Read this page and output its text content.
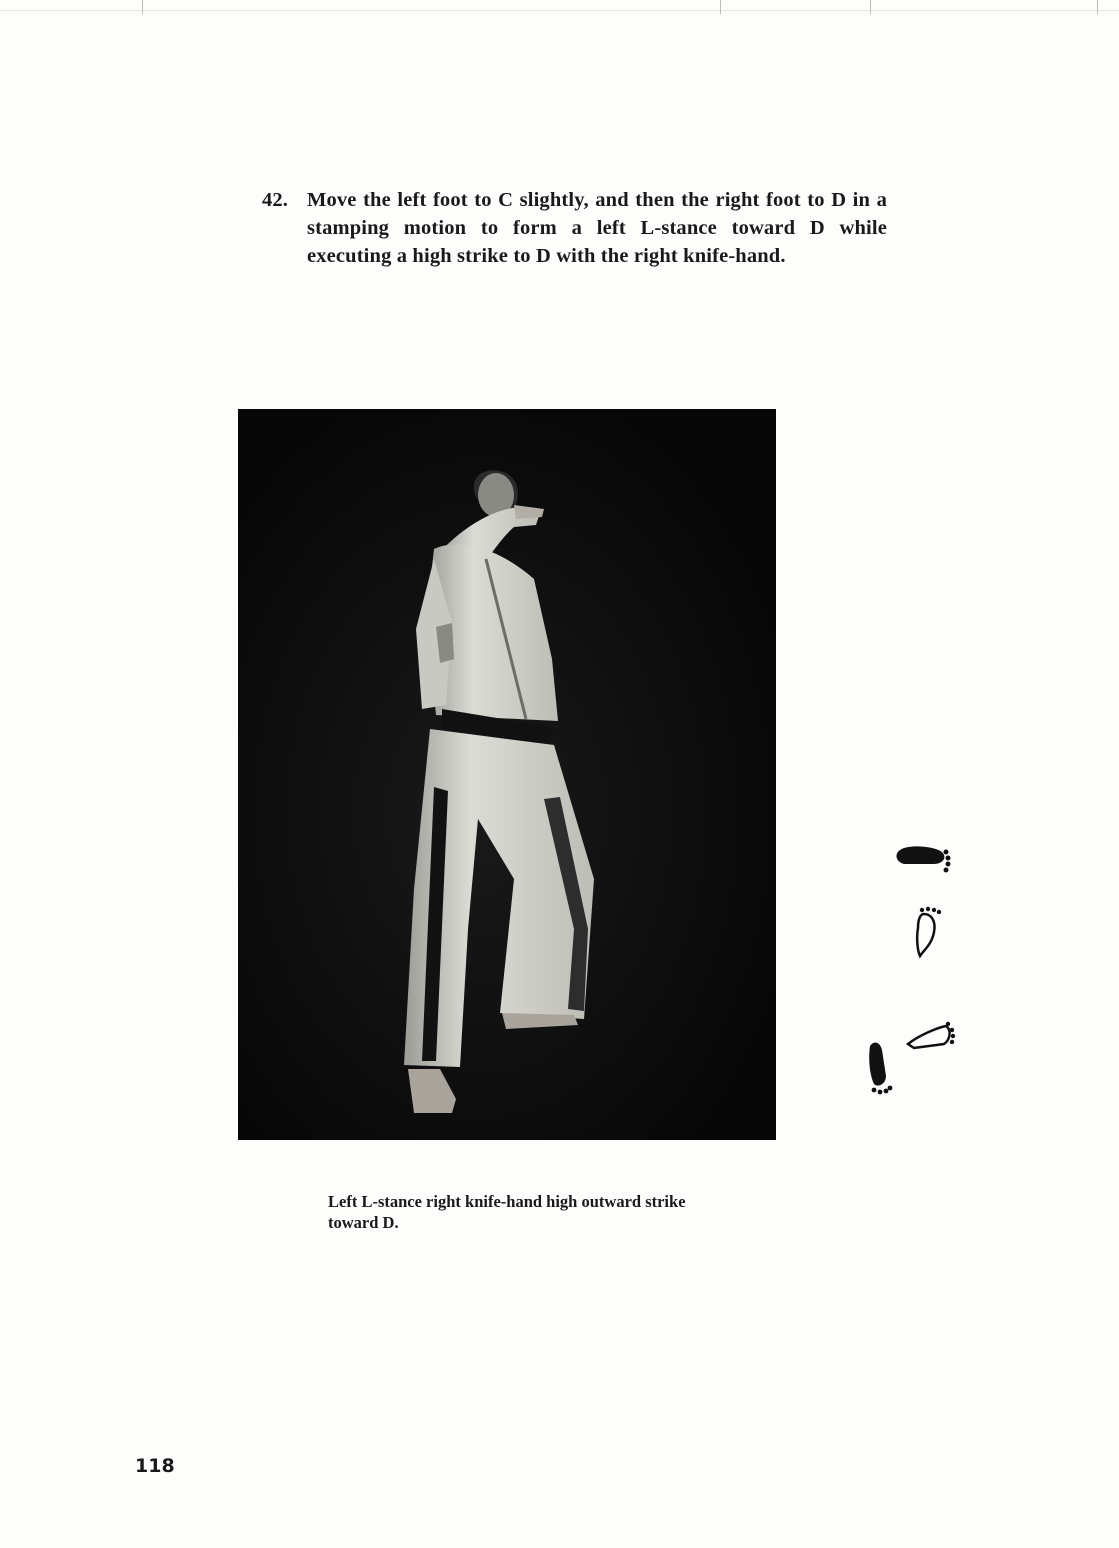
42. Move the left foot to C slightly, and then the right foot to D in a stamping motion to form a left L-stance toward D while executing a high strike to D with the right knife-hand.
Left L-stance right knife-hand high outward strike toward D.
118
